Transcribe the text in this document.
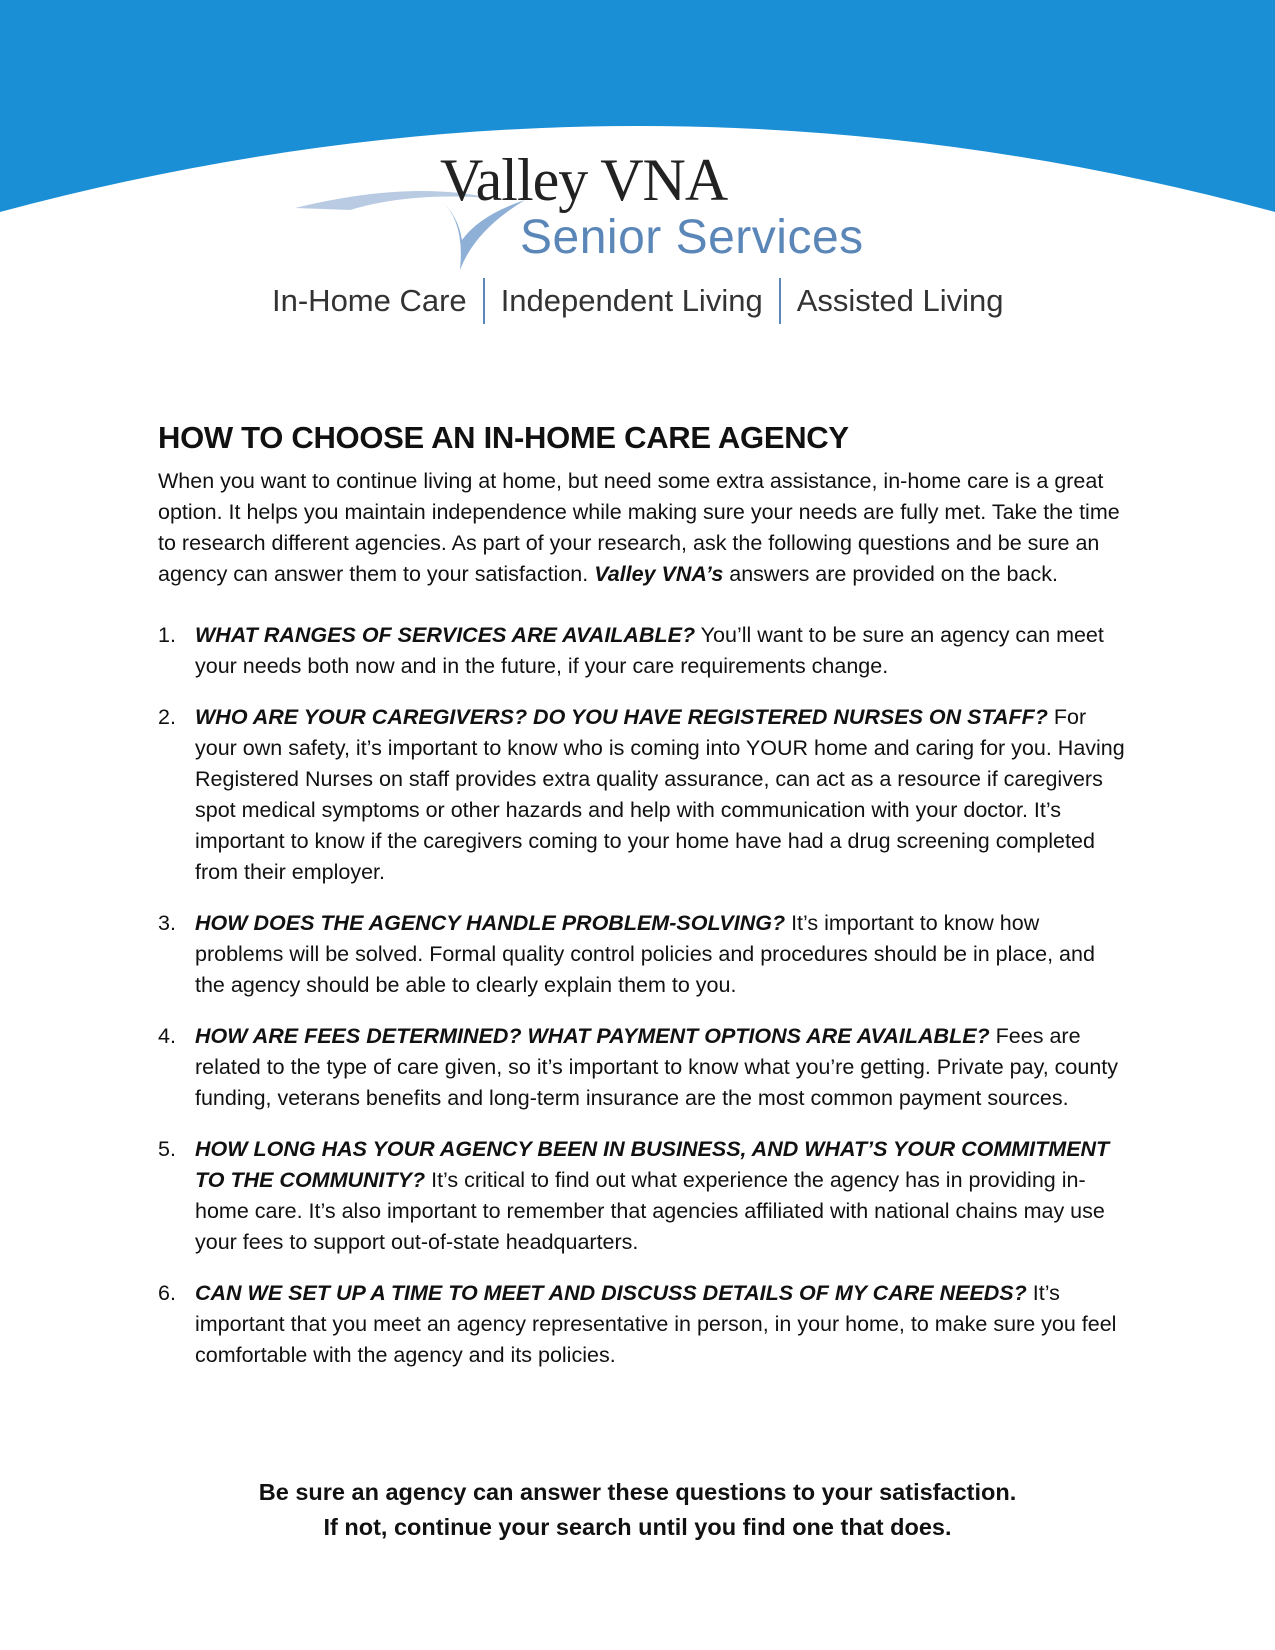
Valley VNA
Senior Services
In-Home Care Independent Living Assisted Living
HOW TO CHOOSE AN IN-HOME CARE AGENCY

When you want to continue living at home, but need some extra assistance, in-home care is a great option. It helps you maintain independence while making sure your needs are fully met. Take the time to research different agencies. As part of your research, ask the following questions and be sure an agency can answer them to your satisfaction. Valley VNA’s answers are provided on the back.

1. WHAT RANGES OF SERVICES ARE AVAILABLE? You’ll want to be sure an agency can meet your needs both now and in the future, if your care requirements change.
2. WHO ARE YOUR CAREGIVERS? DO YOU HAVE REGISTERED NURSES ON STAFF? For your own safety, it’s important to know who is coming into YOUR home and caring for you. Having Registered Nurses on staff provides extra quality assurance, can act as a resource if caregivers spot medical symptoms or other hazards and help with communication with your doctor. It’s important to know if the caregivers coming to your home have had a drug screening completed from their employer.
3. HOW DOES THE AGENCY HANDLE PROBLEM-SOLVING? It’s important to know how problems will be solved. Formal quality control policies and procedures should be in place, and the agency should be able to clearly explain them to you.
4. HOW ARE FEES DETERMINED? WHAT PAYMENT OPTIONS ARE AVAILABLE? Fees are related to the type of care given, so it’s important to know what you’re getting. Private pay, county funding, veterans benefits and long-term insurance are the most common payment sources.
5. HOW LONG HAS YOUR AGENCY BEEN IN BUSINESS, AND WHAT’S YOUR COMMITMENT TO THE COMMUNITY? It’s critical to find out what experience the agency has in providing in-home care. It’s also important to remember that agencies affiliated with national chains may use your fees to support out-of-state headquarters.
6. CAN WE SET UP A TIME TO MEET AND DISCUSS DETAILS OF MY CARE NEEDS? It’s important that you meet an agency representative in person, in your home, to make sure you feel comfortable with the agency and its policies.
Be sure an agency can answer these questions to your satisfaction.
If not, continue your search until you find one that does.
